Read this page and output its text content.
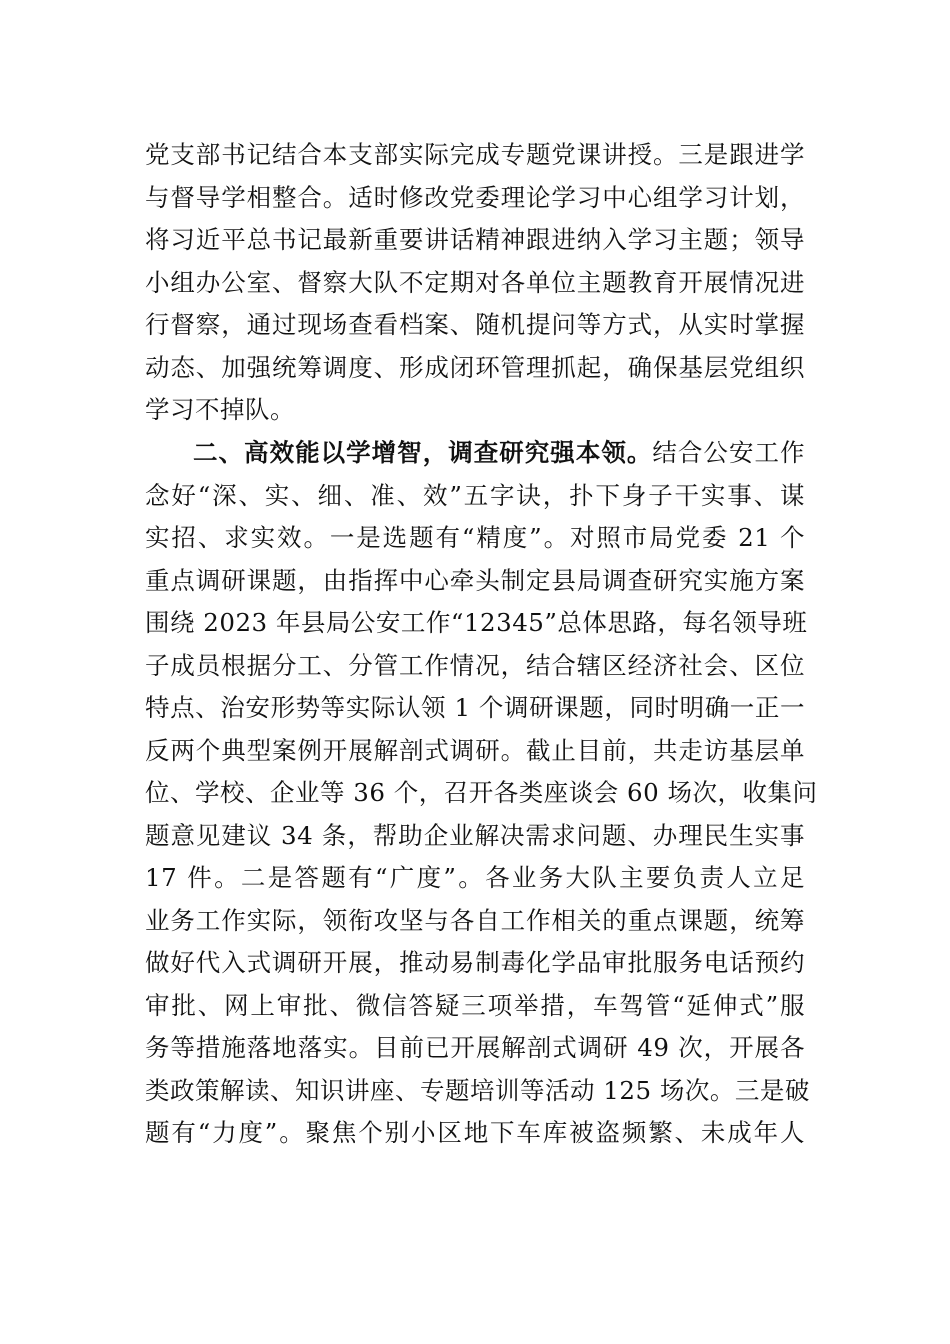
党支部书记结合本支部实际完成专题党课讲授。三是跟进学
与督导学相整合。适时修改党委理论学习中心组学习计划，
将习近平总书记最新重要讲话精神跟进纳入学习主题；领导
小组办公室、督察大队不定期对各单位主题教育开展情况进
行督察，通过现场查看档案、随机提问等方式，从实时掌握
动态、加强统筹调度、形成闭环管理抓起，确保基层党组织
学习不掉队。
二、高效能以学增智，调查研究强本领。结合公安工作
念好“深、实、细、准、效”五字诀，扑下身子干实事、谋
实招、求实效。一是选题有“精度”。对照市局党委 21 个
重点调研课题，由指挥中心牵头制定县局调查研究实施方案
围绕 2023 年县局公安工作“12345”总体思路，每名领导班
子成员根据分工、分管工作情况，结合辖区经济社会、区位
特点、治安形势等实际认领 1 个调研课题，同时明确一正一
反两个典型案例开展解剖式调研。截止目前，共走访基层单
位、学校、企业等 36 个，召开各类座谈会 60 场次，收集问
题意见建议 34 条，帮助企业解决需求问题、办理民生实事
17 件。二是答题有“广度”。各业务大队主要负责人立足
业务工作实际，领衔攻坚与各自工作相关的重点课题，统筹
做好代入式调研开展，推动易制毒化学品审批服务电话预约
审批、网上审批、微信答疑三项举措，车驾管“延伸式”服
务等措施落地落实。目前已开展解剖式调研 49 次，开展各
类政策解读、知识讲座、专题培训等活动 125 场次。三是破
题有“力度”。聚焦个别小区地下车库被盗频繁、未成年人
